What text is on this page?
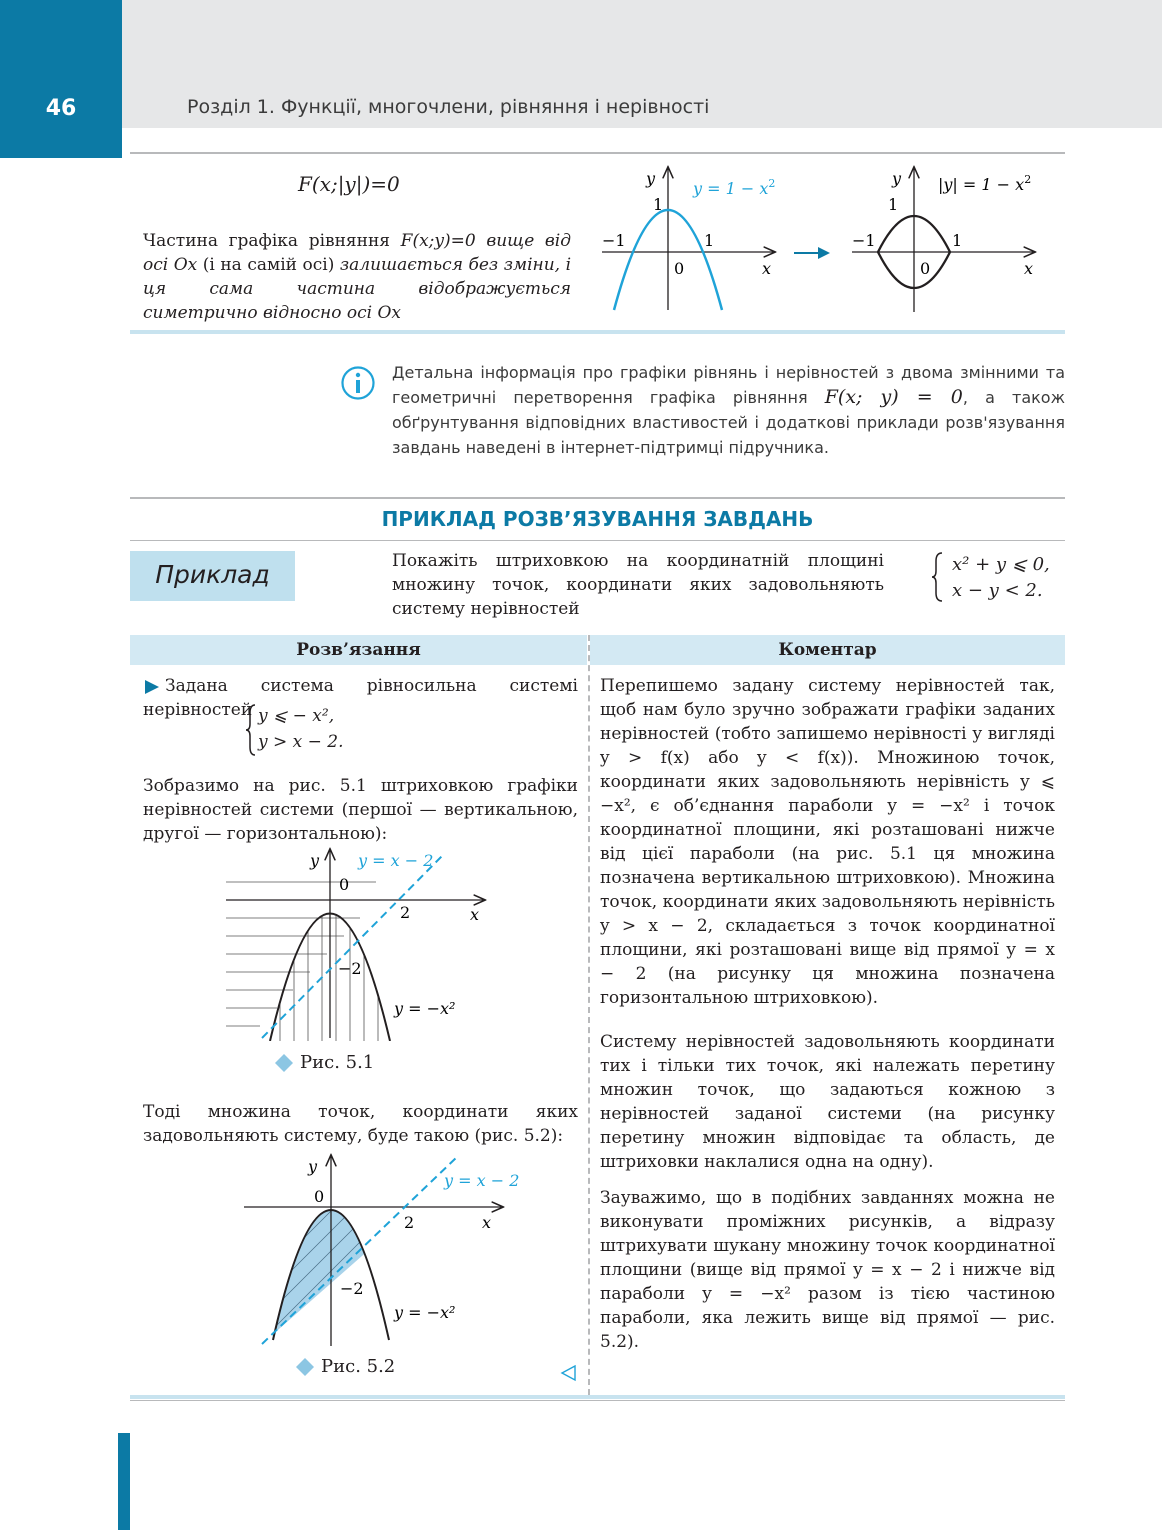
46	Розділ 1. Функції, многочлени, рівняння і нерівності
F(x;|y|)=0
Частина графіка рівняння F(x;y)=0 вище від осі Ох (і на самій осі) залишається без зміни, і ця сама частина відображується симетрично відносно осі Ох
y
1
−1	1
0	x
$y = 1 - x^2$	y
1
−1	1
0	x
$|y| = 1 - x^2$
Детальна інформація про графіки рівнянь і нерівностей з двома змінними та геометричні перетворення графіка рівняння F(x; y) = 0, а також обґрунтування відповідних властивостей і додаткові приклади розв'язування завдань наведені в інтернет-підтримці підручника.
ПРИКЛАД РОЗВ’ЯЗУВАННЯ ЗАВДАНЬ
Приклад	Покажіть штриховкою на координатній площині множину точок, координати яких задовольняють систему нерівностей
x² + y ⩽ 0,
x − y < 2.
Розв’язання	Коментар
Задана система рівносильна системі нерівностей y ⩽ − x²,
y > x − 2.
Зобразимо на рис. 5.1 штриховкою графіки нерівностей системи (першої — вертикальною, другої — горизонтальною):
y
0
2	x
−2
y = x − 2
y = −x²
Рис. 5.1
Тоді множина точок, координати яких задовольняють систему, буде такою (рис. 5.2):
y
0
2	x
−2
y = x − 2
y = −x²
Рис. 5.2
Перепишемо задану систему нерівностей так, щоб нам було зручно зображати графіки заданих нерівностей (тобто запишемо нерівності у вигляді y > f(x) або y < f(x)). Множиною точок, координати яких задовольняють нерівність y ⩽ −x², є об’єднання параболи y = −x² і точок координатної площини, які розташовані нижче від цієї параболи (на рис. 5.1 ця множина позначена вертикальною штриховкою). Множина точок, координати яких задовольняють нерівність y > x − 2, складається з точок координатної площини, які розташовані вище від прямої y = x − 2 (на рисунку ця множина позначена горизонтальною штриховкою).
Систему нерівностей задовольняють координати тих і тільки тих точок, які належать перетину множин точок, що задаються кожною з нерівностей заданої системи (на рисунку перетину множин відповідає та область, де штриховки наклалися одна на одну).
Зауважимо, що в подібних завданнях можна не виконувати проміжних рисунків, а відразу штрихувати шукану множину точок координатної площини (вище від прямої y = x − 2 і нижче від параболи y = −x² разом із тією частиною параболи, яка лежить вище від прямої — рис. 5.2).
